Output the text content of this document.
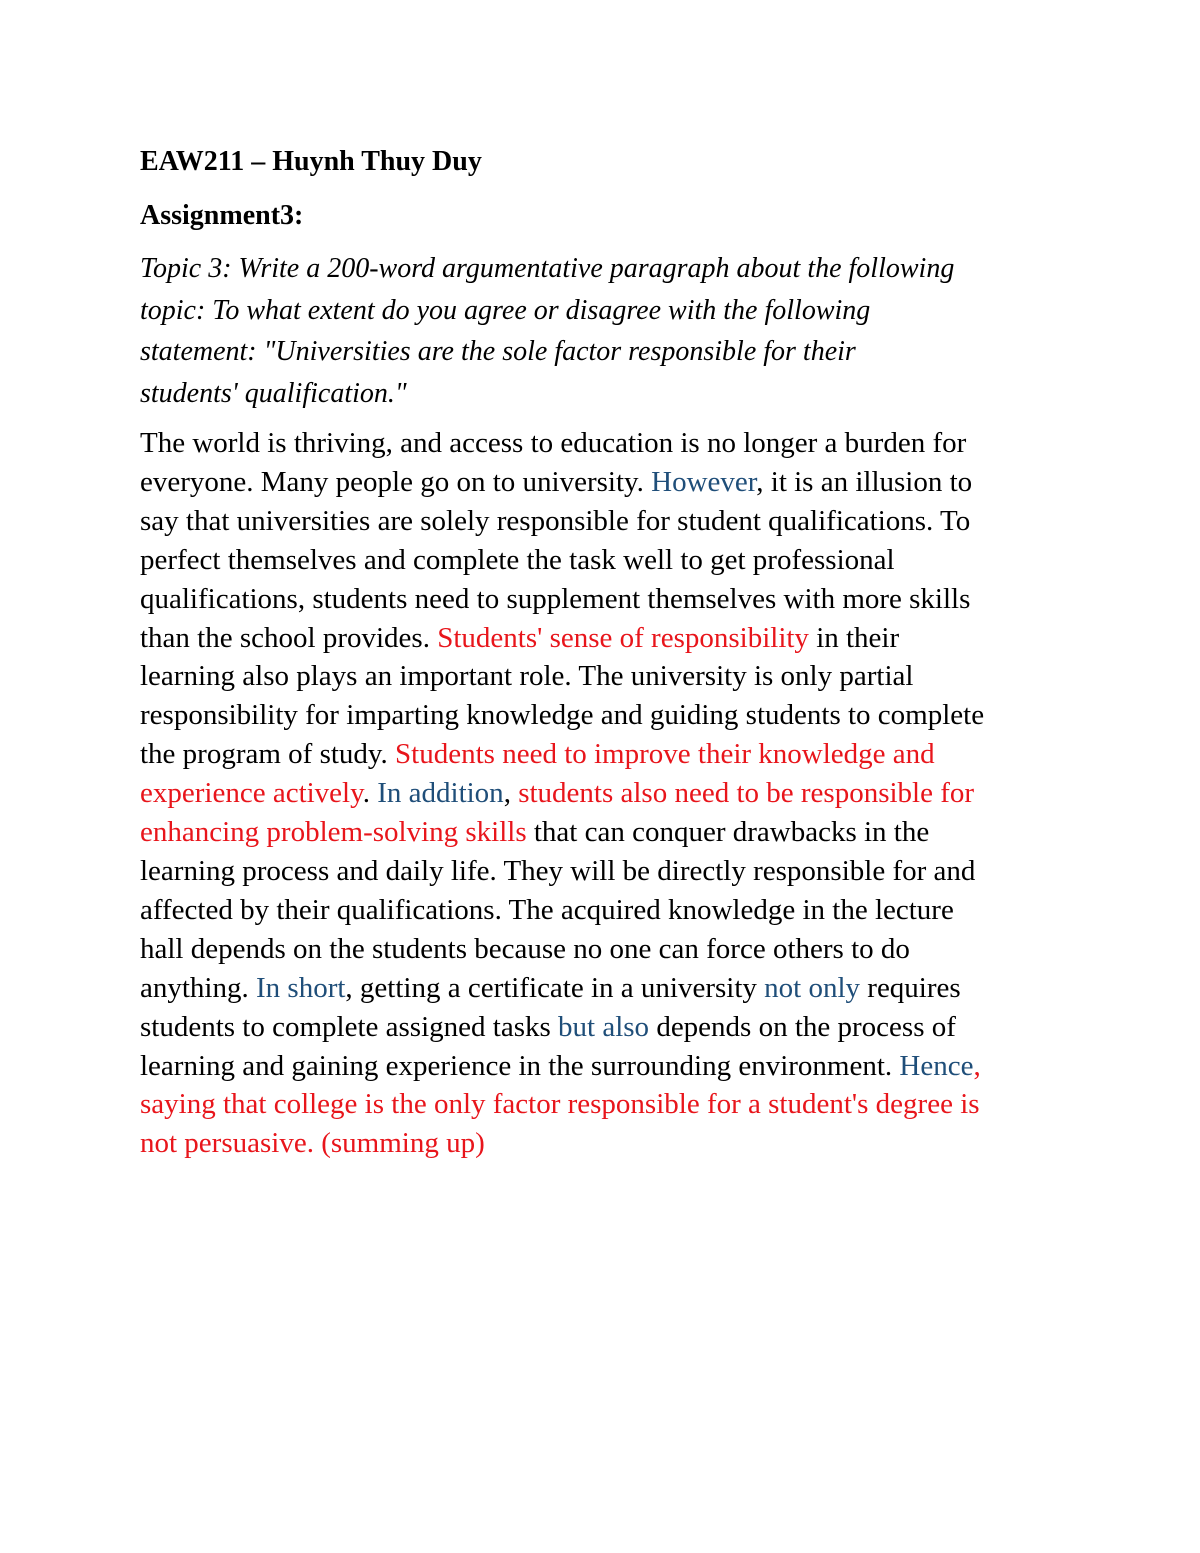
EAW211 – Huynh Thuy Duy
Assignment3:
Topic 3: Write a 200-word argumentative paragraph about the following
topic: To what extent do you agree or disagree with the following
statement: "Universities are the sole factor responsible for their
students' qualification."
The world is thriving, and access to education is no longer a burden for
everyone. Many people go on to university. However, it is an illusion to
say that universities are solely responsible for student qualifications. To
perfect themselves and complete the task well to get professional
qualifications, students need to supplement themselves with more skills
than the school provides. Students' sense of responsibility in their
learning also plays an important role. The university is only partial
responsibility for imparting knowledge and guiding students to complete
the program of study. Students need to improve their knowledge and
experience actively. In addition, students also need to be responsible for
enhancing problem-solving skills that can conquer drawbacks in the
learning process and daily life. They will be directly responsible for and
affected by their qualifications. The acquired knowledge in the lecture
hall depends on the students because no one can force others to do
anything. In short, getting a certificate in a university not only requires
students to complete assigned tasks but also depends on the process of
learning and gaining experience in the surrounding environment. Hence,
saying that college is the only factor responsible for a student's degree is
not persuasive. (summing up)
